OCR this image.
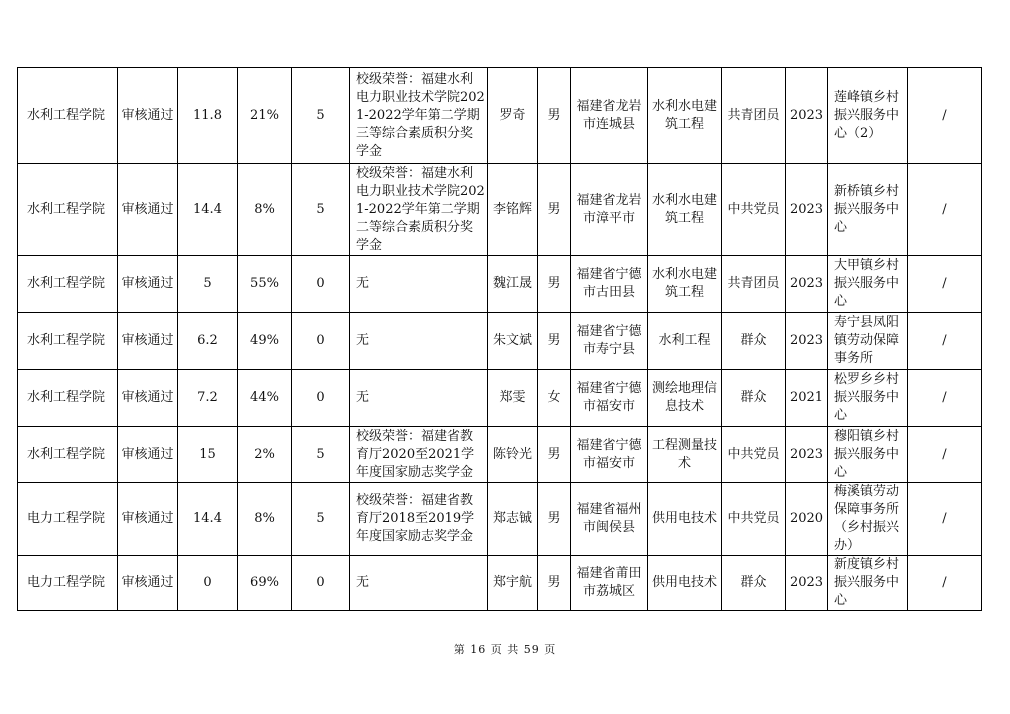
水利工程学院	审核通过	11.8	21%	5	校级荣誉：福建水利电力职业技术学院2021-2022学年第二学期三等综合素质积分奖学金	罗奇	男	福建省龙岩市连城县	水利水电建筑工程	共青团员	2023	莲峰镇乡村振兴服务中心（2）	/
水利工程学院	审核通过	14.4	8%	5	校级荣誉：福建水利电力职业技术学院2021-2022学年第二学期二等综合素质积分奖学金	李铭辉	男	福建省龙岩市漳平市	水利水电建筑工程	中共党员	2023	新桥镇乡村振兴服务中心	/
水利工程学院	审核通过	5	55%	0	无	魏江晟	男	福建省宁德市古田县	水利水电建筑工程	共青团员	2023	大甲镇乡村振兴服务中心	/
水利工程学院	审核通过	6.2	49%	0	无	朱文斌	男	福建省宁德市寿宁县	水利工程	群众	2023	寿宁县凤阳镇劳动保障事务所	/
水利工程学院	审核通过	7.2	44%	0	无	郑雯	女	福建省宁德市福安市	测绘地理信息技术	群众	2021	松罗乡乡村振兴服务中心	/
水利工程学院	审核通过	15	2%	5	校级荣誉：福建省教育厅2020至2021学年度国家励志奖学金	陈铃光	男	福建省宁德市福安市	工程测量技术	中共党员	2023	穆阳镇乡村振兴服务中心	/
电力工程学院	审核通过	14.4	8%	5	校级荣誉：福建省教育厅2018至2019学年度国家励志奖学金	郑志铖	男	福建省福州市闽侯县	供用电技术	中共党员	2020	梅溪镇劳动保障事务所（乡村振兴办）	/
电力工程学院	审核通过	0	69%	0	无	郑宇航	男	福建省莆田市荔城区	供用电技术	群众	2023	新度镇乡村振兴服务中心	/
第 16 页 共 59 页
